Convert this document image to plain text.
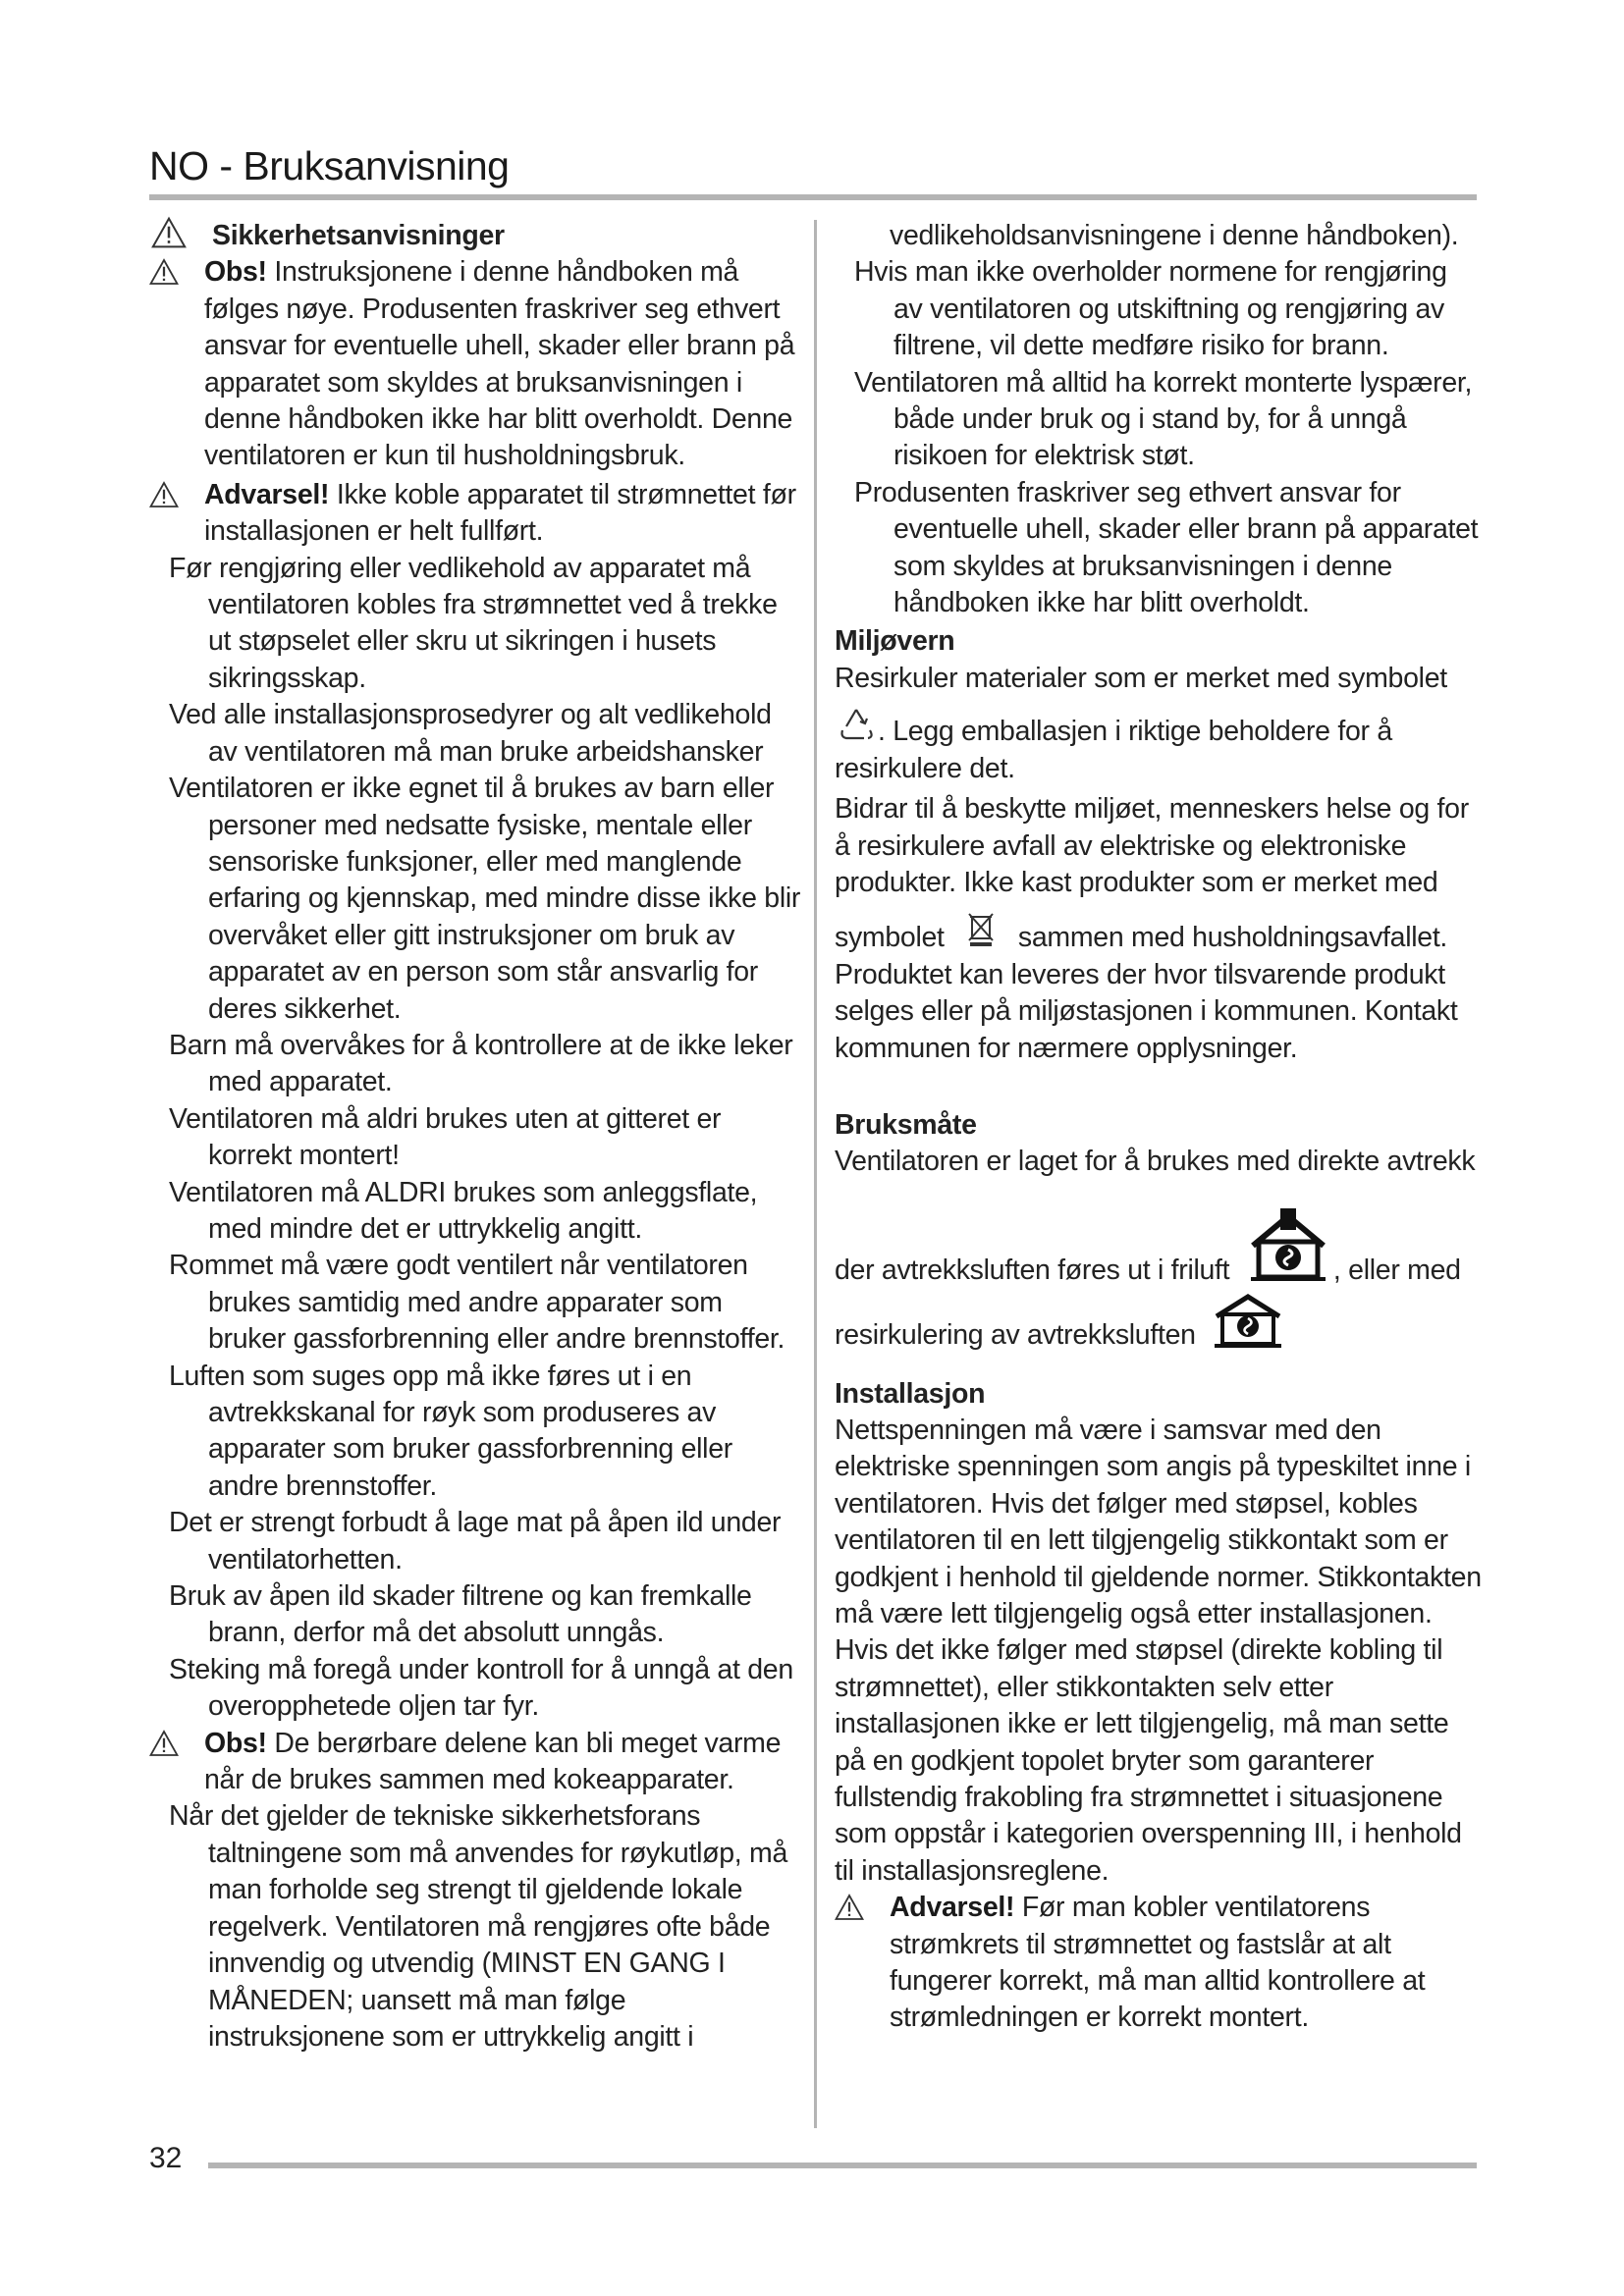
NO - Bruksanvisning

Sikkerhetsanvisninger

Obs! Instruksjonene i denne håndboken må følges nøye. Produsenten fraskriver seg ethvert ansvar for eventuelle uhell, skader eller brann på apparatet som skyldes at bruksanvisningen i denne håndboken ikke har blitt overholdt. Denne ventilatoren er kun til husholdningsbruk.

Advarsel! Ikke koble apparatet til strømnettet før installasjonen er helt fullført.

Før rengjøring eller vedlikehold av apparatet må ventilatoren kobles fra strømnettet ved å trekke ut støpselet eller skru ut sikringen i husets sikringsskap.

Ved alle installasjonsprosedyrer og alt vedlikehold av ventilatoren må man bruke arbeidshansker

Ventilatoren er ikke egnet til å brukes av barn eller personer med nedsatte fysiske, mentale eller sensoriske funksjoner, eller med manglende erfaring og kjennskap, med mindre disse ikke blir overvåket eller gitt instruksjoner om bruk av apparatet av en person som står ansvarlig for deres sikkerhet.

Barn må overvåkes for å kontrollere at de ikke leker med apparatet.

Ventilatoren må aldri brukes uten at gitteret er korrekt montert!

Ventilatoren må ALDRI brukes som anleggsflate, med mindre det er uttrykkelig angitt.

Rommet må være godt ventilert når ventilatoren brukes samtidig med andre apparater som bruker gassforbrenning eller andre brennstoffer.

Luften som suges opp må ikke føres ut i en avtrekkskanal for røyk som produseres av apparater som bruker gassforbrenning eller andre brennstoffer.

Det er strengt forbudt å lage mat på åpen ild under ventilatorhetten.

Bruk av åpen ild skader filtrene og kan fremkalle brann, derfor må det absolutt unngås.

Steking må foregå under kontroll for å unngå at den overopphetede oljen tar fyr.

Obs! De berørbare delene kan bli meget varme når de brukes sammen med kokeapparater.

Når det gjelder de tekniske sikkerhetsforans taltningene som må anvendes for røykutløp, må man forholde seg strengt til gjeldende lokale regelverk. Ventilatoren må rengjøres ofte både innvendig og utvendig (MINST EN GANG I MÅNEDEN; uansett må man følge instruksjonene som er uttrykkelig angitt i

vedlikeholdsanvisningene i denne håndboken).

Hvis man ikke overholder normene for rengjøring av ventilatoren og utskiftning og rengjøring av filtrene, vil dette medføre risiko for brann.

Ventilatoren må alltid ha korrekt monterte lyspærer, både under bruk og i stand by, for å unngå risikoen for elektrisk støt.

Produsenten fraskriver seg ethvert ansvar for eventuelle uhell, skader eller brann på apparatet som skyldes at bruksanvisningen i denne håndboken ikke har blitt overholdt.

Miljøvern

Resirkuler materialer som er merket med symbolet

. Legg emballasjen i riktige beholdere for å resirkulere det.

Bidrar til å beskytte miljøet, menneskers helse og for å resirkulere avfall av elektriske og elektroniske produkter. Ikke kast produkter som er merket med

symbolet	sammen med husholdningsavfallet.

Produktet kan leveres der hvor tilsvarende produkt selges eller på miljøstasjonen i kommunen. Kontakt kommunen for nærmere opplysninger.

Bruksmåte

Ventilatoren er laget for å brukes med direkte avtrekk

der avtrekksluften føres ut i friluft	, eller med

resirkulering av avtrekksluften

Installasjon

Nettspenningen må være i samsvar med den elektriske spenningen som angis på typeskiltet inne i ventilatoren. Hvis det følger med støpsel, kobles ventilatoren til en lett tilgjengelig stikkontakt som er godkjent i henhold til gjeldende normer. Stikkontakten må være lett tilgjengelig også etter installasjonen.

Hvis det ikke følger med støpsel (direkte kobling til strømnettet), eller stikkontakten selv etter installasjonen ikke er lett tilgjengelig, må man sette på en godkjent topolet bryter som garanterer fullstendig frakobling fra strømnettet i situasjonene som oppstår i kategorien overspenning III, i henhold til installasjonsreglene.

Advarsel! Før man kobler ventilatorens strømkrets til strømnettet og fastslår at alt fungerer korrekt, må man alltid kontrollere at strømledningen er korrekt montert.

32
